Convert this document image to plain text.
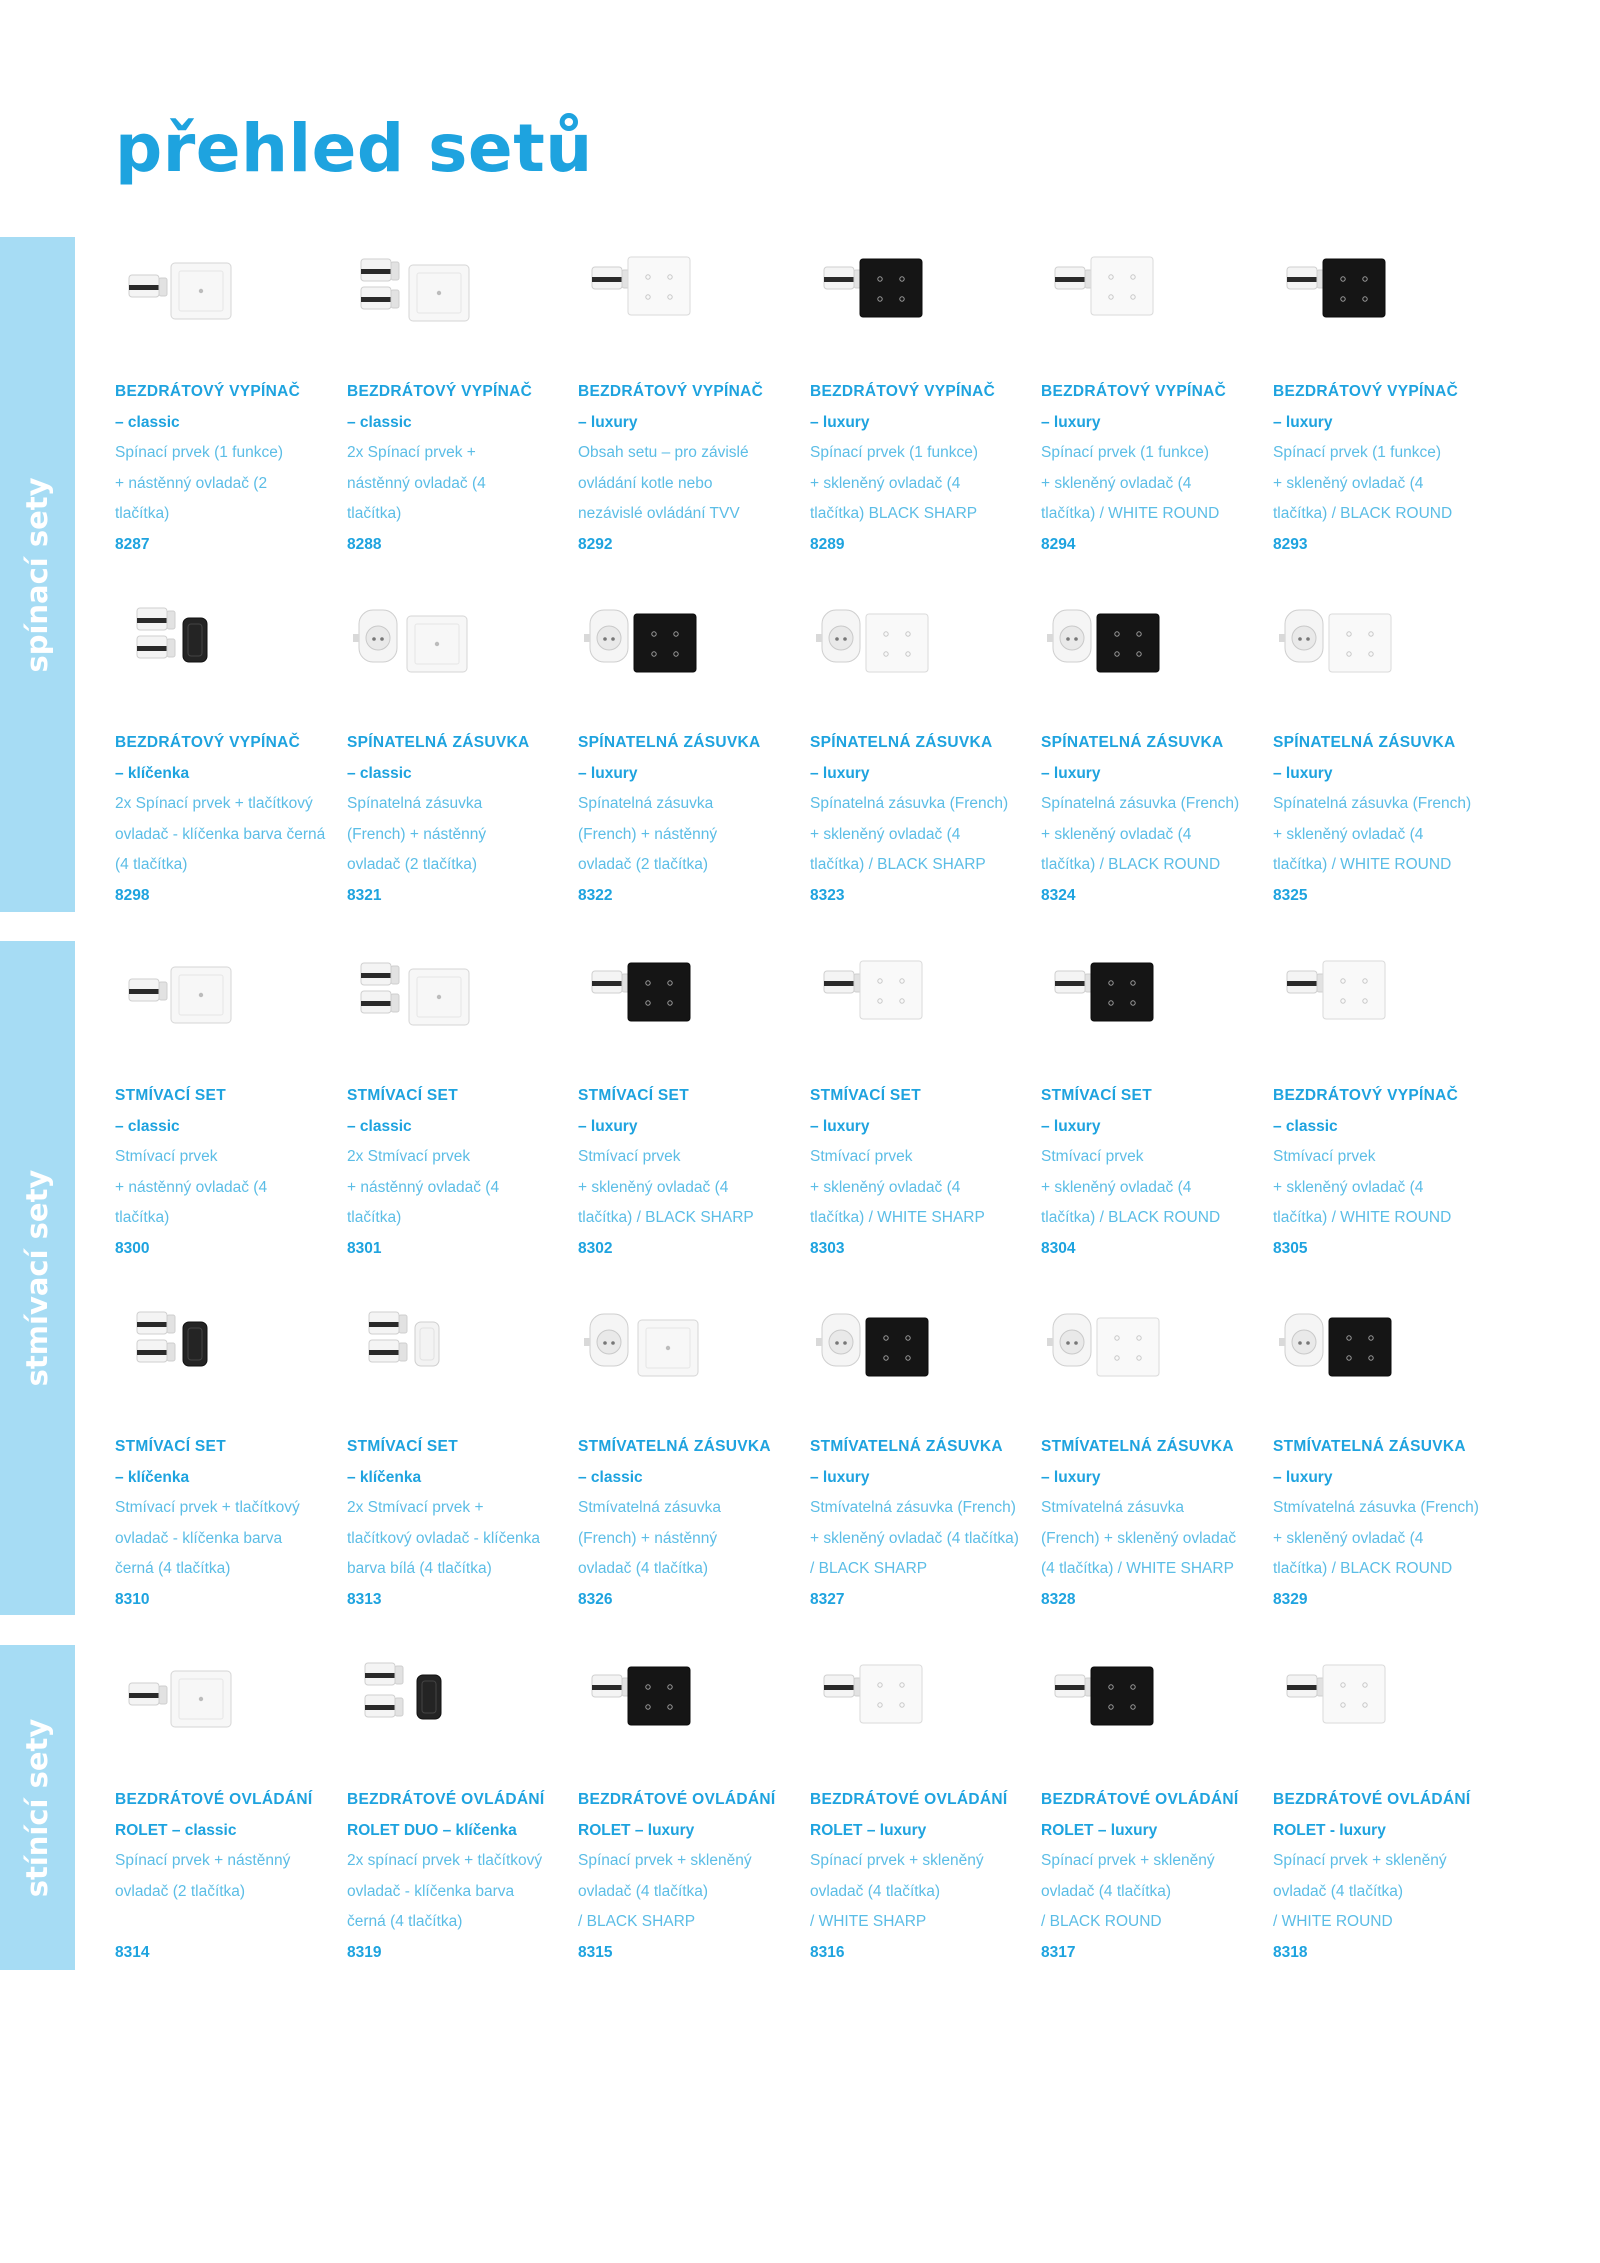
přehled setů
spínací sety
BEZDRÁTOVÝ VYPÍNAČ
– classic
Spínací prvek (1 funkce)
+ nástěnný ovladač (2
tlačítka)
8287
BEZDRÁTOVÝ VYPÍNAČ
– classic
2x Spínací prvek +
nástěnný ovladač (4
tlačítka)
8288
BEZDRÁTOVÝ VYPÍNAČ
– luxury
Obsah setu – pro závislé
ovládání kotle nebo
nezávislé ovládání TVV
8292
BEZDRÁTOVÝ VYPÍNAČ
– luxury
Spínací prvek (1 funkce)
+ skleněný ovladač (4
tlačítka) BLACK SHARP
8289
BEZDRÁTOVÝ VYPÍNAČ
– luxury
Spínací prvek (1 funkce)
+ skleněný ovladač (4
tlačítka) / WHITE ROUND
8294
BEZDRÁTOVÝ VYPÍNAČ
– luxury
Spínací prvek (1 funkce)
+ skleněný ovladač (4
tlačítka) / BLACK ROUND
8293
BEZDRÁTOVÝ VYPÍNAČ
– klíčenka
2x Spínací prvek + tlačítkový
ovladač - klíčenka barva černá
(4 tlačítka)
8298
SPÍNATELNÁ ZÁSUVKA
– classic
Spínatelná zásuvka
(French) + nástěnný
ovladač (2 tlačítka)
8321
SPÍNATELNÁ ZÁSUVKA
– luxury
Spínatelná zásuvka
(French) + nástěnný
ovladač (2 tlačítka)
8322
SPÍNATELNÁ ZÁSUVKA
– luxury
Spínatelná zásuvka (French)
+ skleněný ovladač (4
tlačítka) / BLACK SHARP
8323
SPÍNATELNÁ ZÁSUVKA
– luxury
Spínatelná zásuvka (French)
+ skleněný ovladač (4
tlačítka) / BLACK ROUND
8324
SPÍNATELNÁ ZÁSUVKA
– luxury
Spínatelná zásuvka (French)
+ skleněný ovladač (4
tlačítka) / WHITE ROUND
8325
stmívací sety
STMÍVACÍ SET
– classic
Stmívací prvek
+ nástěnný ovladač (4
tlačítka)
8300
STMÍVACÍ SET
– classic
2x Stmívací prvek
+ nástěnný ovladač (4
tlačítka)
8301
STMÍVACÍ SET
– luxury
Stmívací prvek
+ skleněný ovladač (4
tlačítka) / BLACK SHARP
8302
STMÍVACÍ SET
– luxury
Stmívací prvek
+ skleněný ovladač (4
tlačítka) / WHITE SHARP
8303
STMÍVACÍ SET
– luxury
Stmívací prvek
+ skleněný ovladač (4
tlačítka) / BLACK ROUND
8304
BEZDRÁTOVÝ VYPÍNAČ
– classic
Stmívací prvek
+ skleněný ovladač (4
tlačítka) / WHITE ROUND
8305
STMÍVACÍ SET
– klíčenka
Stmívací prvek + tlačítkový
ovladač - klíčenka barva
černá (4 tlačítka)
8310
STMÍVACÍ SET
– klíčenka
2x Stmívací prvek +
tlačítkový ovladač - klíčenka
barva bílá (4 tlačítka)
8313
STMÍVATELNÁ ZÁSUVKA
– classic
Stmívatelná zásuvka
(French) + nástěnný
ovladač (4 tlačítka)
8326
STMÍVATELNÁ ZÁSUVKA
– luxury
Stmívatelná zásuvka (French)
+ skleněný ovladač (4 tlačítka)
/ BLACK SHARP
8327
STMÍVATELNÁ ZÁSUVKA
– luxury
Stmívatelná zásuvka
(French) + skleněný ovladač
(4 tlačítka) / WHITE SHARP
8328
STMÍVATELNÁ ZÁSUVKA
– luxury
Stmívatelná zásuvka (French)
+ skleněný ovladač (4
tlačítka) / BLACK ROUND
8329
stínící sety	BEZDRÁTOVÉ OVLÁDÁNÍ
ROLET – classic
Spínací prvek + nástěnný
ovladač (2 tlačítka)
8314
BEZDRÁTOVÉ OVLÁDÁNÍ
ROLET DUO – klíčenka
2x spínací prvek + tlačítkový
ovladač - klíčenka barva
černá (4 tlačítka)
8319
BEZDRÁTOVÉ OVLÁDÁNÍ
ROLET – luxury
Spínací prvek + skleněný
ovladač (4 tlačítka)
/ BLACK SHARP
8315
BEZDRÁTOVÉ OVLÁDÁNÍ
ROLET – luxury
Spínací prvek + skleněný
ovladač (4 tlačítka)
/ WHITE SHARP
8316
BEZDRÁTOVÉ OVLÁDÁNÍ
ROLET – luxury
Spínací prvek + skleněný
ovladač (4 tlačítka)
/ BLACK ROUND
8317
BEZDRÁTOVÉ OVLÁDÁNÍ
ROLET - luxury
Spínací prvek + skleněný
ovladač (4 tlačítka)
/ WHITE ROUND
8318
